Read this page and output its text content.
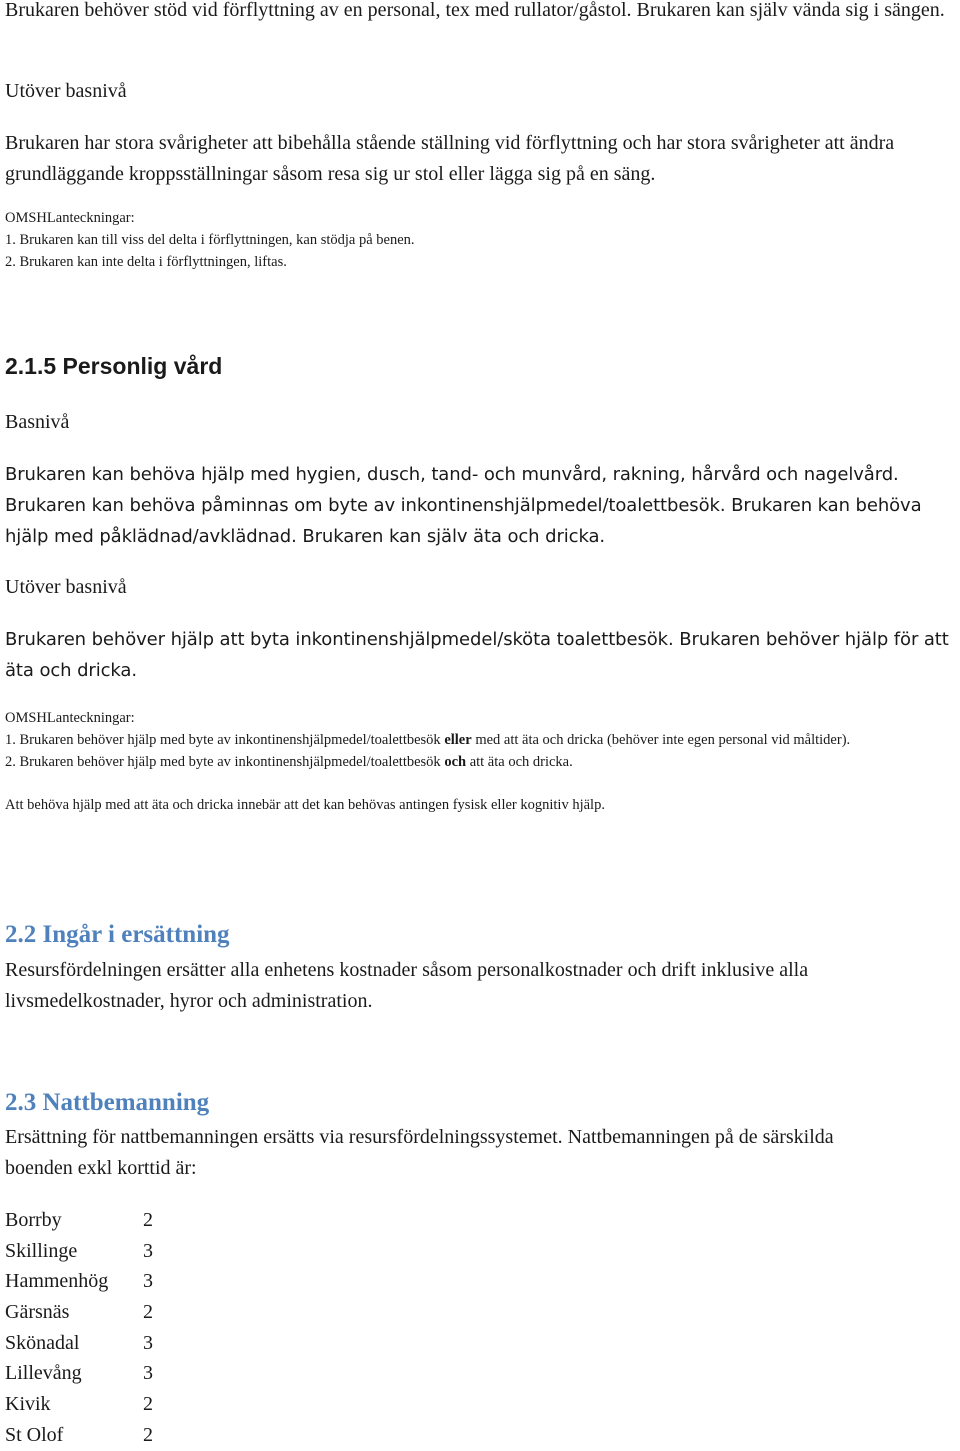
Brukaren behöver stöd vid förflyttning av en personal, tex med rullator/gåstol. Brukaren kan själv vända sig i sängen.

Utöver basnivå

Brukaren har stora svårigheter att bibehålla stående ställning vid förflyttning och har stora svårigheter att ändra grundläggande kroppsställningar såsom resa sig ur stol eller lägga sig på en säng.

OMSHLanteckningar:
1. Brukaren kan till viss del delta i förflyttningen, kan stödja på benen.
2. Brukaren kan inte delta i förflyttningen, liftas.
2.1.5 Personlig vård

Basnivå

Brukaren kan behöva hjälp med hygien, dusch, tand- och munvård, rakning, hårvård och nagelvård. Brukaren kan behöva påminnas om byte av inkontinenshjälpmedel/toalettbesök. Brukaren kan behöva hjälp med påklädnad/avklädnad. Brukaren kan själv äta och dricka.

Utöver basnivå

Brukaren behöver hjälp att byta inkontinenshjälpmedel/sköta toalettbesök. Brukaren behöver hjälp för att äta och dricka.

OMSHLanteckningar:
1. Brukaren behöver hjälp med byte av inkontinenshjälpmedel/toalettbesök eller med att äta och dricka (behöver inte egen personal vid måltider).
2. Brukaren behöver hjälp med byte av inkontinenshjälpmedel/toalettbesök och att äta och dricka.
Att behöva hjälp med att äta och dricka innebär att det kan behövas antingen fysisk eller kognitiv hjälp.
2.2 Ingår i ersättning

Resursfördelningen ersätter alla enhetens kostnader såsom personalkostnader och drift inklusive alla livsmedelkostnader, hyror och administration.

2.3 Nattbemanning

Ersättning för nattbemanningen ersätts via resursfördelningssystemet. Nattbemanningen på de särskilda boenden exkl korttid är:

Borrby	2
Skillinge	3
Hammenhög	3
Gärsnäs	2
Skönadal	3
Lillevång	3
Kivik	2
St Olof	2
